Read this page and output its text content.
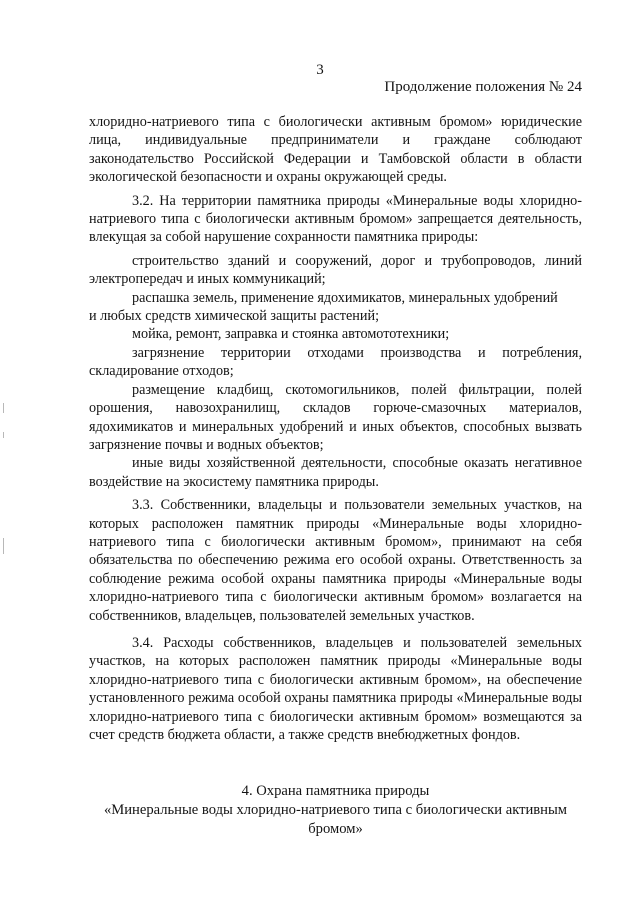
3
Продолжение положения № 24

хлоридно-натриевого типа с биологически активным бромом» юридические лица, индивидуальные предприниматели и граждане соблюдают законодательство Российской Федерации и Тамбовской области в области экологической безопасности и охраны окружающей среды.

3.2. На территории памятника природы «Минеральные воды хлоридно-натриевого типа с биологически активным бромом» запрещается деятельность, влекущая за собой нарушение сохранности памятника природы:

строительство зданий и сооружений, дорог и трубопроводов, линий электропередач и иных коммуникаций;

распашка земель, применение ядохимикатов, минеральных удобрений

и любых средств химической защиты растений;

мойка, ремонт, заправка и стоянка автомототехники;

загрязнение территории отходами производства и потребления, складирование отходов;

размещение кладбищ, скотомогильников, полей фильтрации, полей орошения, навозохранилищ, складов горюче-смазочных материалов, ядохимикатов и минеральных удобрений и иных объектов, способных вызвать загрязнение почвы и водных объектов;

иные виды хозяйственной деятельности, способные оказать негативное воздействие на экосистему памятника природы.

3.3. Собственники, владельцы и пользователи земельных участков, на которых расположен памятник природы «Минеральные воды хлоридно-натриевого типа с биологически активным бромом», принимают на себя обязательства по обеспечению режима его особой охраны. Ответственность за соблюдение режима особой охраны памятника природы «Минеральные воды хлоридно-натриевого типа с биологически активным бромом» возлагается на собственников, владельцев, пользователей земельных участков.

3.4. Расходы собственников, владельцев и пользователей земельных участков, на которых расположен памятник природы «Минеральные воды хлоридно-натриевого типа с биологически активным бромом», на обеспечение установленного режима особой охраны памятника природы «Минеральные воды хлоридно-натриевого типа с биологически активным бромом» возмещаются за счет средств бюджета области, а также средств внебюджетных фондов.

4. Охрана памятника природы
«Минеральные воды хлоридно-натриевого типа с биологически активным бромом»
